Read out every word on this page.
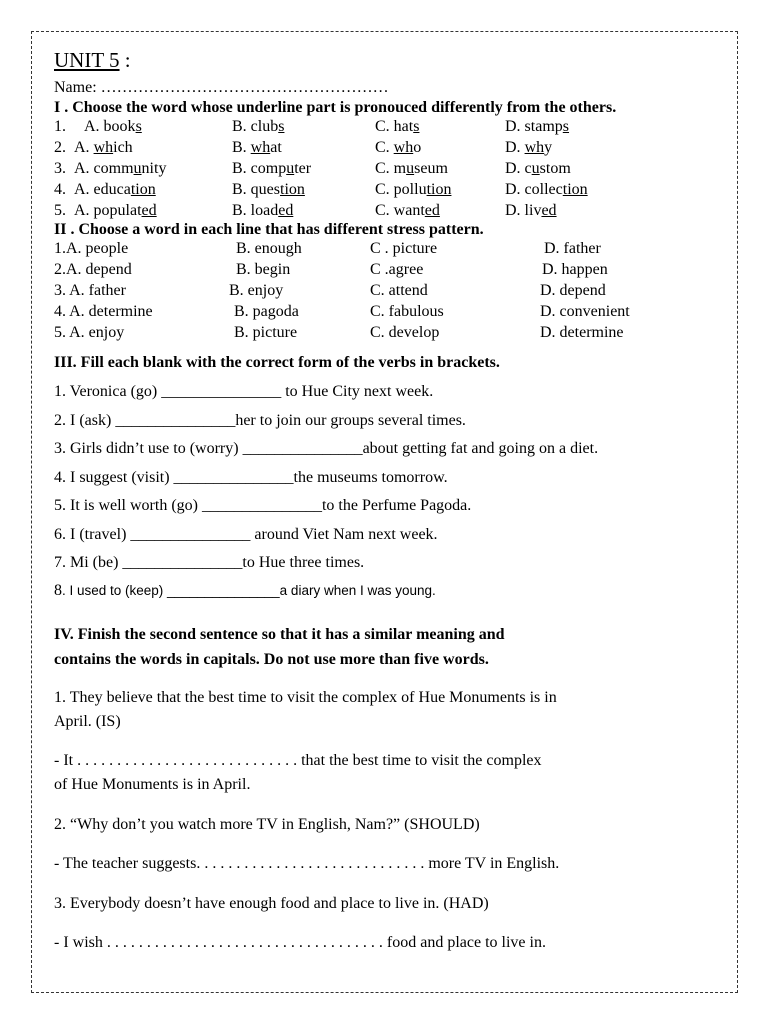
UNIT 5 :
Name: ………………………………………………
I . Choose the word whose underline part is pronouced differently from the others.
1. A. books	B. clubs	C. hats	D. stamps
2. A. which	B. what	C. who	D. why
3. A. community	B. computer	C. museum	D. custom
4. A. education	B. question	C. pollution	D. collection
5. A. populated	B. loaded	C. wanted	D. lived
II . Choose a word in each line that has different stress pattern.
1.A. people	B. enough	C . picture	D. father
2.A. depend	B. begin	C .agree	D. happen
3. A. father	B. enjoy	C. attend	D. depend
4. A. determine	B. pagoda	C. fabulous	D. convenient
5. A. enjoy	B. picture	C. develop	D. determine
III. Fill each blank with the correct form of the verbs in brackets.
1. Veronica (go) _______________ to Hue City next week.
2. I (ask) _______________her to join our groups several times.
3. Girls didn’t use to (worry) _______________about getting fat and going on a diet.
4. I suggest (visit) _______________the museums tomorrow.
5. It is well worth (go) _______________to the Perfume Pagoda.
6. I (travel) _______________ around Viet Nam next week.
7. Mi (be) _______________to Hue three times.
8. I used to (keep) _______________a diary when I was young.
IV. Finish the second sentence so that it has a similar meaning and
contains the words in capitals. Do not use more than five words.
1. They believe that the best time to visit the complex of Hue Monuments is in
April. (IS)
- It . . . . . . . . . . . . . . . . . . . . . . . . . . . . that the best time to visit the complex
of Hue Monuments is in April.
2. “Why don’t you watch more TV in English, Nam?” (SHOULD)
- The teacher suggests. . . . . . . . . . . . . . . . . . . . . . . . . . . . . more TV in English.
3. Everybody doesn’t have enough food and place to live in. (HAD)
- I wish . . . . . . . . . . . . . . . . . . . . . . . . . . . . . . . . . . . food and place to live in.
